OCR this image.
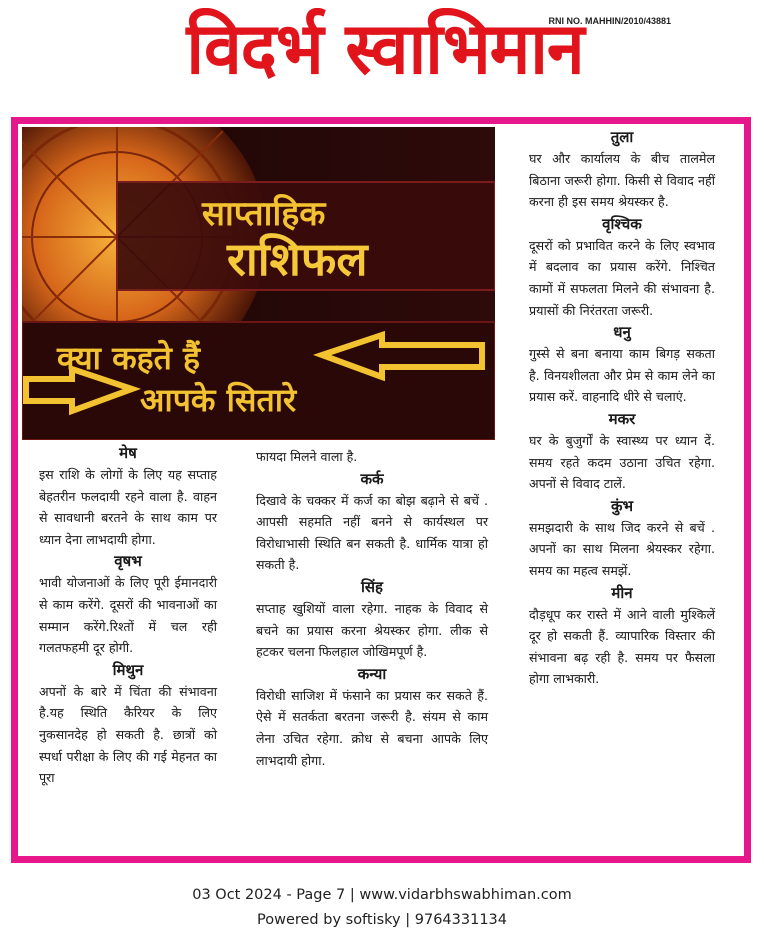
विदर्भ स्वाभिमान
RNI NO. MAHHIN/2010/43881
साप्ताहिक
राशिफल
क्या कहते हैं
आपके सितारे
मेष

इस राशि के लोगों के लिए यह सप्ताह बेहतरीन फलदायी रहने वाला है. वाहन से सावधानी बरतने के साथ काम पर ध्यान देना लाभदायी होगा.

वृषभ

भावी योजनाओं के लिए पूरी ईमानदारी से काम करेंगे. दूसरों की भावनाओं का सम्मान करेंगे.रिश्तों में चल रही गलतफहमी दूर होगी.

मिथुन

अपनों के बारे में चिंता की संभावना है.यह स्थिति कैरियर के लिए नुकसानदेह हो सकती है. छात्रों को स्पर्धा परीक्षा के लिए की गई मेहनत का पूरा

फायदा मिलने वाला है.

कर्क

दिखावे के चक्कर में कर्ज का बोझ बढ़ाने से बचें . आपसी सहमति नहीं बनने से कार्यस्थल पर विरोधाभासी स्थिति बन सकती है. धार्मिक यात्रा हो सकती है.

सिंह

सप्ताह खुशियों वाला रहेगा. नाहक के विवाद से बचने का प्रयास करना श्रेयस्कर होगा. लीक से हटकर चलना फिलहाल जोखिमपूर्ण है.

कन्या

विरोधी साजिश में फंसाने का प्रयास कर सकते हैं. ऐसे में सतर्कता बरतना जरूरी है. संयम से काम लेना उचित रहेगा. क्रोध से बचना आपके लिए लाभदायी होगा.

तुला

घर और कार्यालय के बीच तालमेल बिठाना जरूरी होगा. किसी से विवाद नहीं करना ही इस समय श्रेयस्कर है.

वृश्चिक

दूसरों को प्रभावित करने के लिए स्वभाव में बदलाव का प्रयास करेंगे. निश्चित कामों में सफलता मिलने की संभावना है. प्रयासों की निरंतरता जरूरी.

धनु

गुस्से से बना बनाया काम बिगड़ सकता है. विनयशीलता और प्रेम से काम लेने का प्रयास करें. वाहनादि धीरे से चलाएं.

मकर

घर के बुजुर्गों के स्वास्थ्य पर ध्यान दें. समय रहते कदम उठाना उचित रहेगा. अपनों से विवाद टालें.

कुंभ

समझदारी के साथ जिद करने से बचें . अपनों का साथ मिलना श्रेयस्कर रहेगा. समय का महत्व समझें.

मीन

दौड़धूप कर रास्ते में आने वाली मुश्किलें दूर हो सकती हैं. व्यापारिक विस्तार की संभावना बढ़ रही है. समय पर फैसला होगा लाभकारी.

03 Oct 2024 - Page 7 | www.vidarbhswabhiman.com
Powered by softisky | 9764331134
